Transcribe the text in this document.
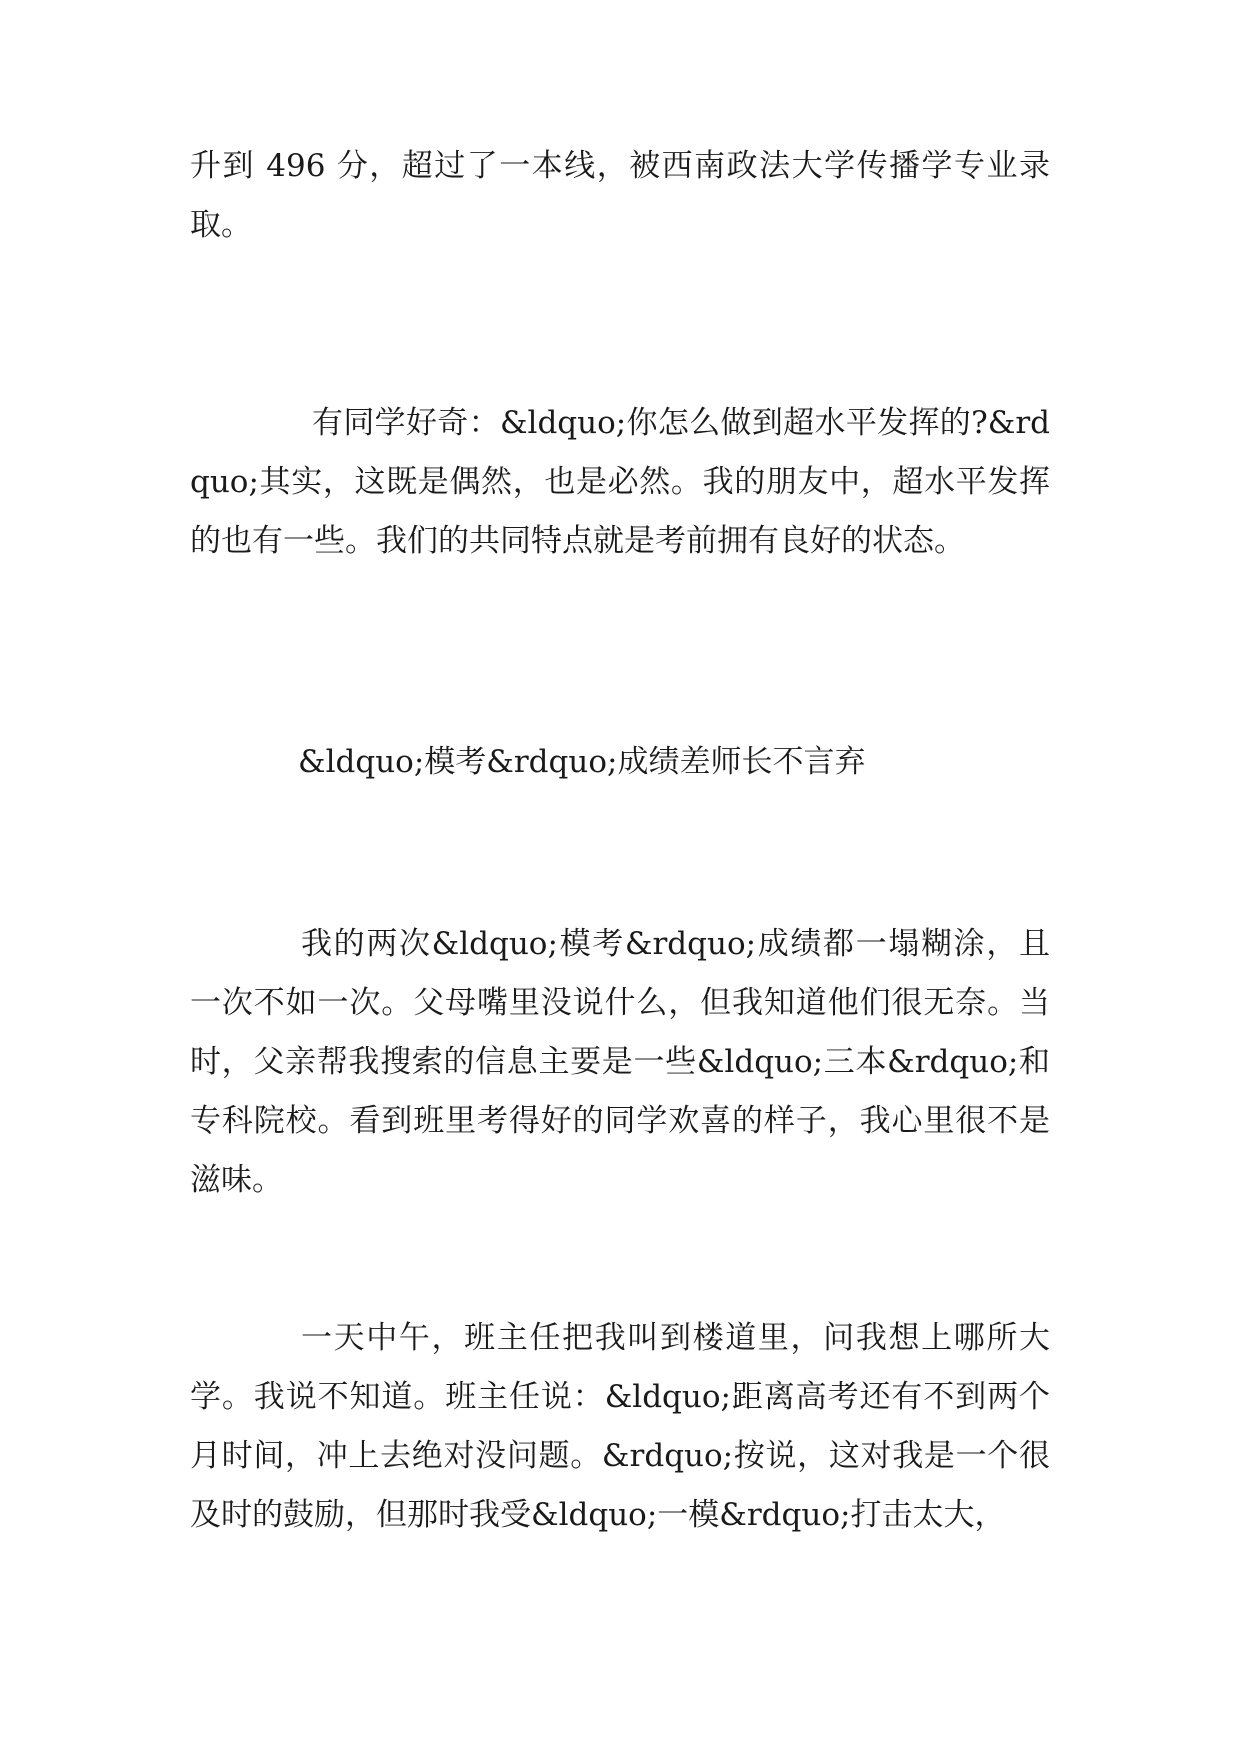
升到 496 分，超过了一本线，被西南政法大学传播学专业录取。

有同学好奇：&ldquo;你怎么做到超水平发挥的?&rdquo;其实，这既是偶然，也是必然。我的朋友中，超水平发挥的也有一些。我们的共同特点就是考前拥有良好的状态。

&ldquo;模考&rdquo;成绩差师长不言弃

我的两次&ldquo;模考&rdquo;成绩都一塌糊涂，且一次不如一次。父母嘴里没说什么，但我知道他们很无奈。当时，父亲帮我搜索的信息主要是一些&ldquo;三本&rdquo;和专科院校。看到班里考得好的同学欢喜的样子，我心里很不是滋味。

一天中午，班主任把我叫到楼道里，问我想上哪所大学。我说不知道。班主任说：&ldquo;距离高考还有不到两个月时间，冲上去绝对没问题。&rdquo;按说，这对我是一个很及时的鼓励，但那时我受&ldquo;一模&rdquo;打击太大，
